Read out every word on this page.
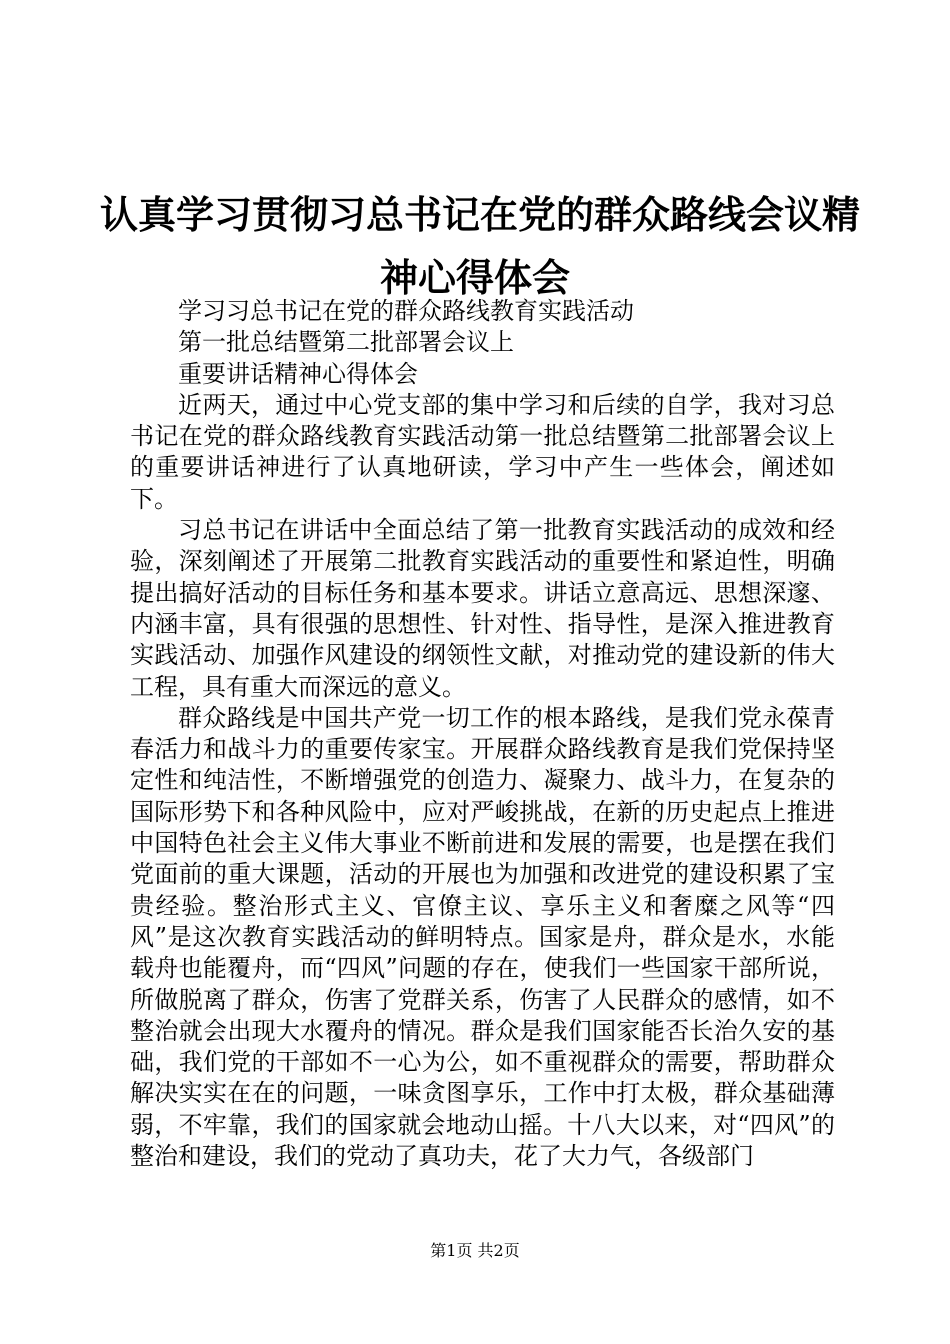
认真学习贯彻习总书记在党的群众路线会议精
神心得体会

学习习总书记在党的群众路线教育实践活动

第一批总结暨第二批部署会议上

重要讲话精神心得体会

近两天，通过中心党支部的集中学习和后续的自学，我对习总书记在党的群众路线教育实践活动第一批总结暨第二批部署会议上的重要讲话神进行了认真地研读，学习中产生一些体会，阐述如下。

习总书记在讲话中全面总结了第一批教育实践活动的成效和经验，深刻阐述了开展第二批教育实践活动的重要性和紧迫性，明确提出搞好活动的目标任务和基本要求。讲话立意高远、思想深邃、内涵丰富，具有很强的思想性、针对性、指导性，是深入推进教育实践活动、加强作风建设的纲领性文献，对推动党的建设新的伟大工程，具有重大而深远的意义。

群众路线是中国共产党一切工作的根本路线，是我们党永葆青春活力和战斗力的重要传家宝。开展群众路线教育是我们党保持坚定性和纯洁性，不断增强党的创造力、凝聚力、战斗力，在复杂的国际形势下和各种风险中，应对严峻挑战，在新的历史起点上推进中国特色社会主义伟大事业不断前进和发展的需要，也是摆在我们党面前的重大课题，活动的开展也为加强和改进党的建设积累了宝贵经验。整治形式主义、官僚主议、享乐主义和奢糜之风等“四风”是这次教育实践活动的鲜明特点。国家是舟，群众是水，水能载舟也能覆舟，而“四风”问题的存在，使我们一些国家干部所说，所做脱离了群众，伤害了党群关系，伤害了人民群众的感情，如不整治就会出现大水覆舟的情况。群众是我们国家能否长治久安的基础，我们党的干部如不一心为公，如不重视群众的需要，帮助群众解决实实在在的问题，一味贪图享乐，工作中打太极，群众基础薄弱，不牢靠，我们的国家就会地动山摇。十八大以来，对“四风”的整治和建设，我们的党动了真功夫，花了大力气，各级部门

第1页 共2页
